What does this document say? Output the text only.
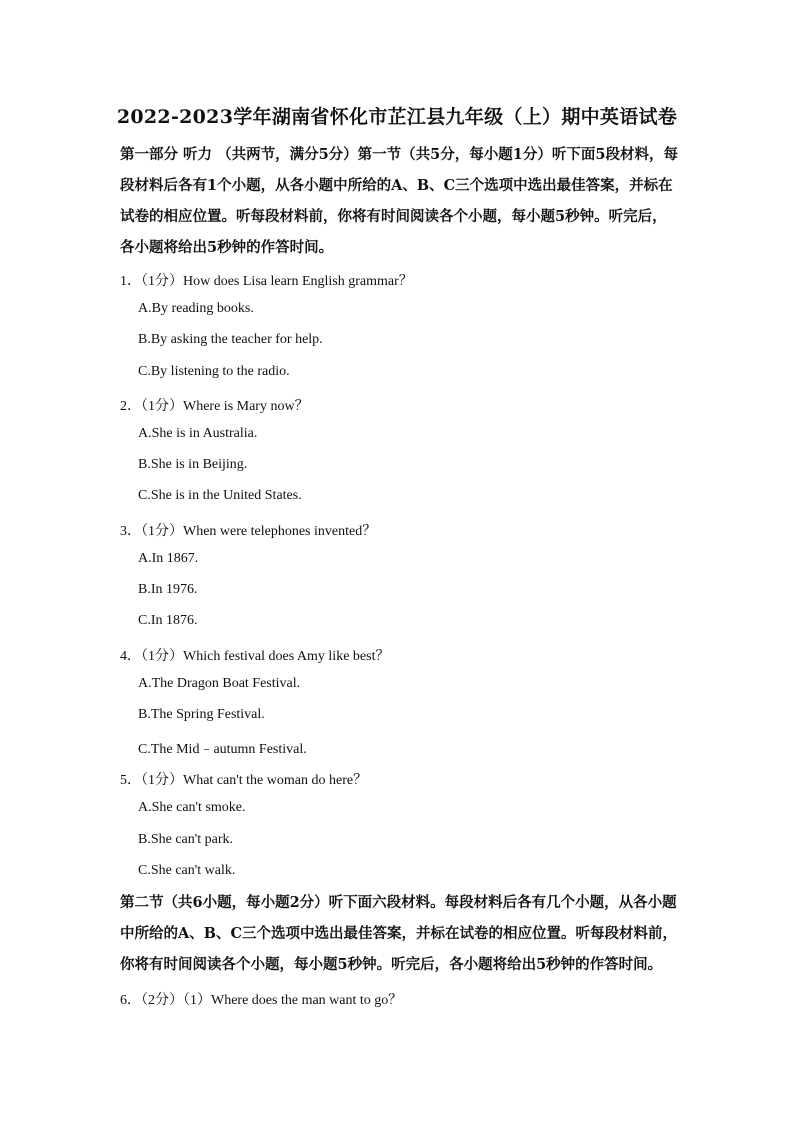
2022-2023学年湖南省怀化市芷江县九年级（上）期中英语试卷
第一部分 听力 （共两节，满分5分）第一节（共5分，每小题1分）听下面5段材料，每段材料后各有1个小题，从各小题中所给的A、B、C三个选项中选出最佳答案，并标在试卷的相应位置。听每段材料前，你将有时间阅读各个小题，每小题5秒钟。听完后，各小题将给出5秒钟的作答时间。
1．（1分）How does Lisa learn English grammar？
A.By reading books.
B.By asking the teacher for help.
C.By listening to the radio.
2．（1分）Where is Mary now？
A.She is in Australia.
B.She is in Beijing.
C.She is in the United States.
3．（1分）When were telephones invented？
A.In 1867.
B.In 1976.
C.In 1876.
4．（1分）Which festival does Amy like best？
A.The Dragon Boat Festival.
B.The Spring Festival.
C.The Mid﹣autumn Festival.
5．（1分）What can't the woman do here？
A.She can't smoke.
B.She can't park.
C.She can't walk.
第二节（共6小题，每小题2分）听下面六段材料。每段材料后各有几个小题，从各小题中所给的A、B、C三个选项中选出最佳答案，并标在试卷的相应位置。听每段材料前，你将有时间阅读各个小题，每小题5秒钟。听完后，各小题将给出5秒钟的作答时间。
6．（2分）（1）Where does the man want to go？
